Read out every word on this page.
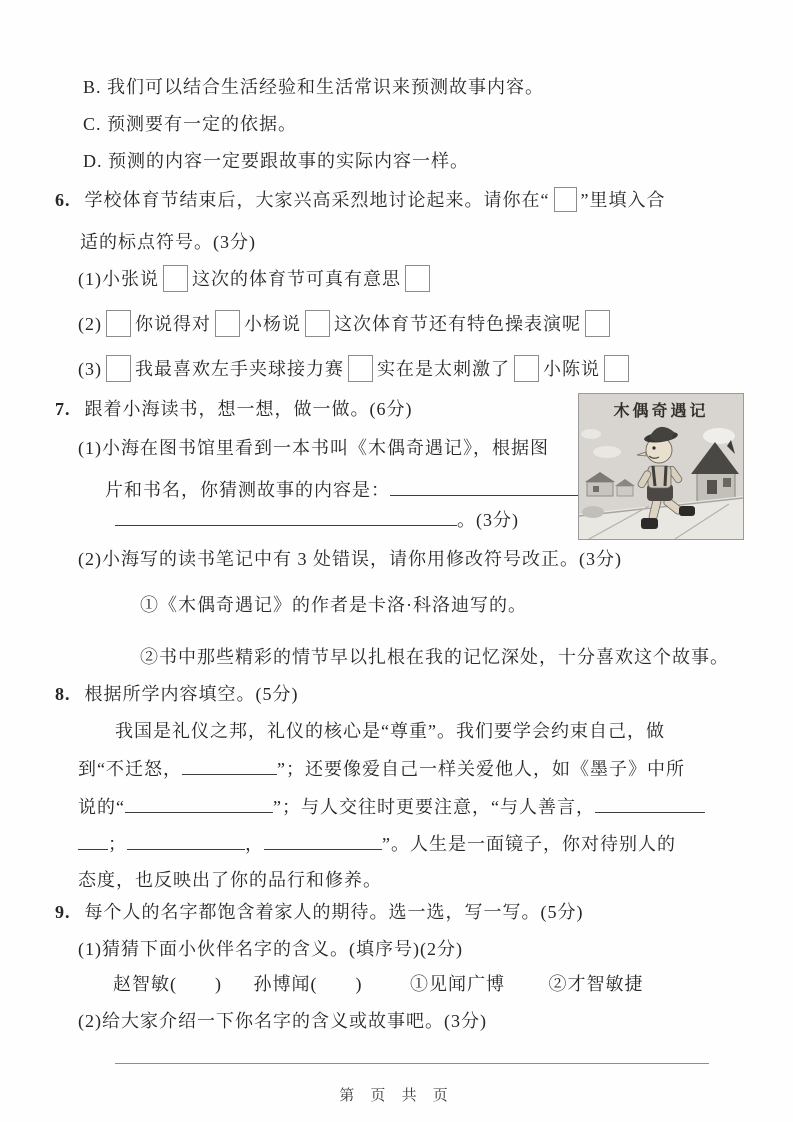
B. 我们可以结合生活经验和生活常识来预测故事内容。
C. 预测要有一定的依据。
D. 预测的内容一定要跟故事的实际内容一样。
6. 学校体育节结束后，大家兴高采烈地讨论起来。请你在“ ”里填入合
适的标点符号。(3分)
(1)小张说 这次的体育节可真有意思
(2) 你说得对 小杨说 这次体育节还有特色操表演呢
(3) 我最喜欢左手夹球接力赛 实在是太刺激了 小陈说
7. 跟着小海读书，想一想，做一做。(6分)
(1)小海在图书馆里看到一本书叫《木偶奇遇记》，根据图
片和书名，你猜测故事的内容是：
。(3分)
(2)小海写的读书笔记中有 3 处错误，请你用修改符号改正。(3分)
①《木偶奇遇记》的作者是卡洛·科洛迪写的。
②书中那些精彩的情节早以扎根在我的记忆深处，十分喜欢这个故事。
木偶奇遇记
8. 根据所学内容填空。(5分)
我国是礼仪之邦，礼仪的核心是“尊重”。我们要学会约束自己，做
到“不迁怒，	”；还要像爱自己一样关爱他人，如《墨子》中所
说的“	”；与人交往时更要注意，“与人善言，
；	，	”。人生是一面镜子，你对待别人的
态度，也反映出了你的品行和修养。
9. 每个人的名字都饱含着家人的期待。选一选，写一写。(5分)
(1)猜猜下面小伙伴名字的含义。(填序号)(2分)
赵智敏(　　) 孙博闻(　　)	①见闻广博 ②才智敏捷
(2)给大家介绍一下你名字的含义或故事吧。(3分)
第 页 共 页
